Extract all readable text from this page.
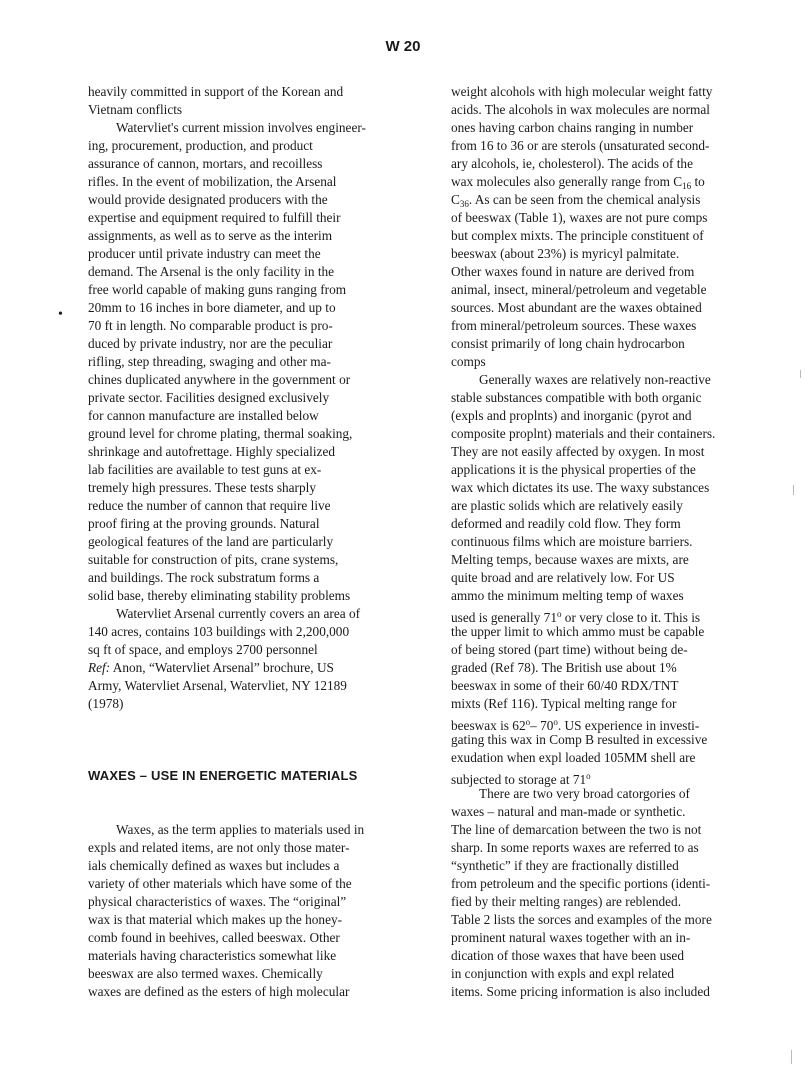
W 20
•
heavily committed in support of the Korean and
Vietnam conflicts
Watervliet's current mission involves engineer-
ing, procurement, production, and product
assurance of cannon, mortars, and recoilless
rifles. In the event of mobilization, the Arsenal
would provide designated producers with the
expertise and equipment required to fulfill their
assignments, as well as to serve as the interim
producer until private industry can meet the
demand. The Arsenal is the only facility in the
free world capable of making guns ranging from
20mm to 16 inches in bore diameter, and up to
70 ft in length. No comparable product is pro-
duced by private industry, nor are the peculiar
rifling, step threading, swaging and other ma-
chines duplicated anywhere in the government or
private sector. Facilities designed exclusively
for cannon manufacture are installed below
ground level for chrome plating, thermal soaking,
shrinkage and autofrettage. Highly specialized
lab facilities are available to test guns at ex-
tremely high pressures. These tests sharply
reduce the number of cannon that require live
proof firing at the proving grounds. Natural
geological features of the land are particularly
suitable for construction of pits, crane systems,
and buildings. The rock substratum forms a
solid base, thereby eliminating stability problems
Watervliet Arsenal currently covers an area of
140 acres, contains 103 buildings with 2,200,000
sq ft of space, and employs 2700 personnel
Ref: Anon, “Watervliet Arsenal” brochure, US
Army, Watervliet Arsenal, Watervliet, NY 12189
(1978)
WAXES – USE IN ENERGETIC MATERIALS
Waxes, as the term applies to materials used in
expls and related items, are not only those mater-
ials chemically defined as waxes but includes a
variety of other materials which have some of the
physical characteristics of waxes. The “original”
wax is that material which makes up the honey-
comb found in beehives, called beeswax. Other
materials having characteristics somewhat like
beeswax are also termed waxes. Chemically
waxes are defined as the esters of high molecular
weight alcohols with high molecular weight fatty
acids. The alcohols in wax molecules are normal
ones having carbon chains ranging in number
from 16 to 36 or are sterols (unsaturated second-
ary alcohols, ie, cholesterol). The acids of the
wax molecules also generally range from $C_{16}$ to
$C_{36}$. As can be seen from the chemical analysis
of beeswax (Table 1), waxes are not pure comps
but complex mixts. The principle constituent of
beeswax (about 23%) is myricyl palmitate.
Other waxes found in nature are derived from
animal, insect, mineral/petroleum and vegetable
sources. Most abundant are the waxes obtained
from mineral/petroleum sources. These waxes
consist primarily of long chain hydrocarbon
comps
Generally waxes are relatively non-reactive
stable substances compatible with both organic
(expls and proplnts) and inorganic (pyrot and
composite proplnt) materials and their containers.
They are not easily affected by oxygen. In most
applications it is the physical properties of the
wax which dictates its use. The waxy substances
are plastic solids which are relatively easily
deformed and readily cold flow. They form
continuous films which are moisture barriers.
Melting temps, because waxes are mixts, are
quite broad and are relatively low. For US
ammo the minimum melting temp of waxes
used is generally 71$^o$ or very close to it. This is
the upper limit to which ammo must be capable
of being stored (part time) without being de-
graded (Ref 78). The British use about 1%
beeswax in some of their 60/40 RDX/TNT
mixts (Ref 116). Typical melting range for
beeswax is 62$^o$– 70$^o$. US experience in investi-
gating this wax in Comp B resulted in excessive
exudation when expl loaded 105MM shell are
subjected to storage at 71$^o$
There are two very broad catorgories of
waxes – natural and man-made or synthetic.
The line of demarcation between the two is not
sharp. In some reports waxes are referred to as
“synthetic” if they are fractionally distilled
from petroleum and the specific portions (identi-
fied by their melting ranges) are reblended.
Table 2 lists the sorces and examples of the more
prominent natural waxes together with an in-
dication of those waxes that have been used
in conjunction with expls and expl related
items. Some pricing information is also included
